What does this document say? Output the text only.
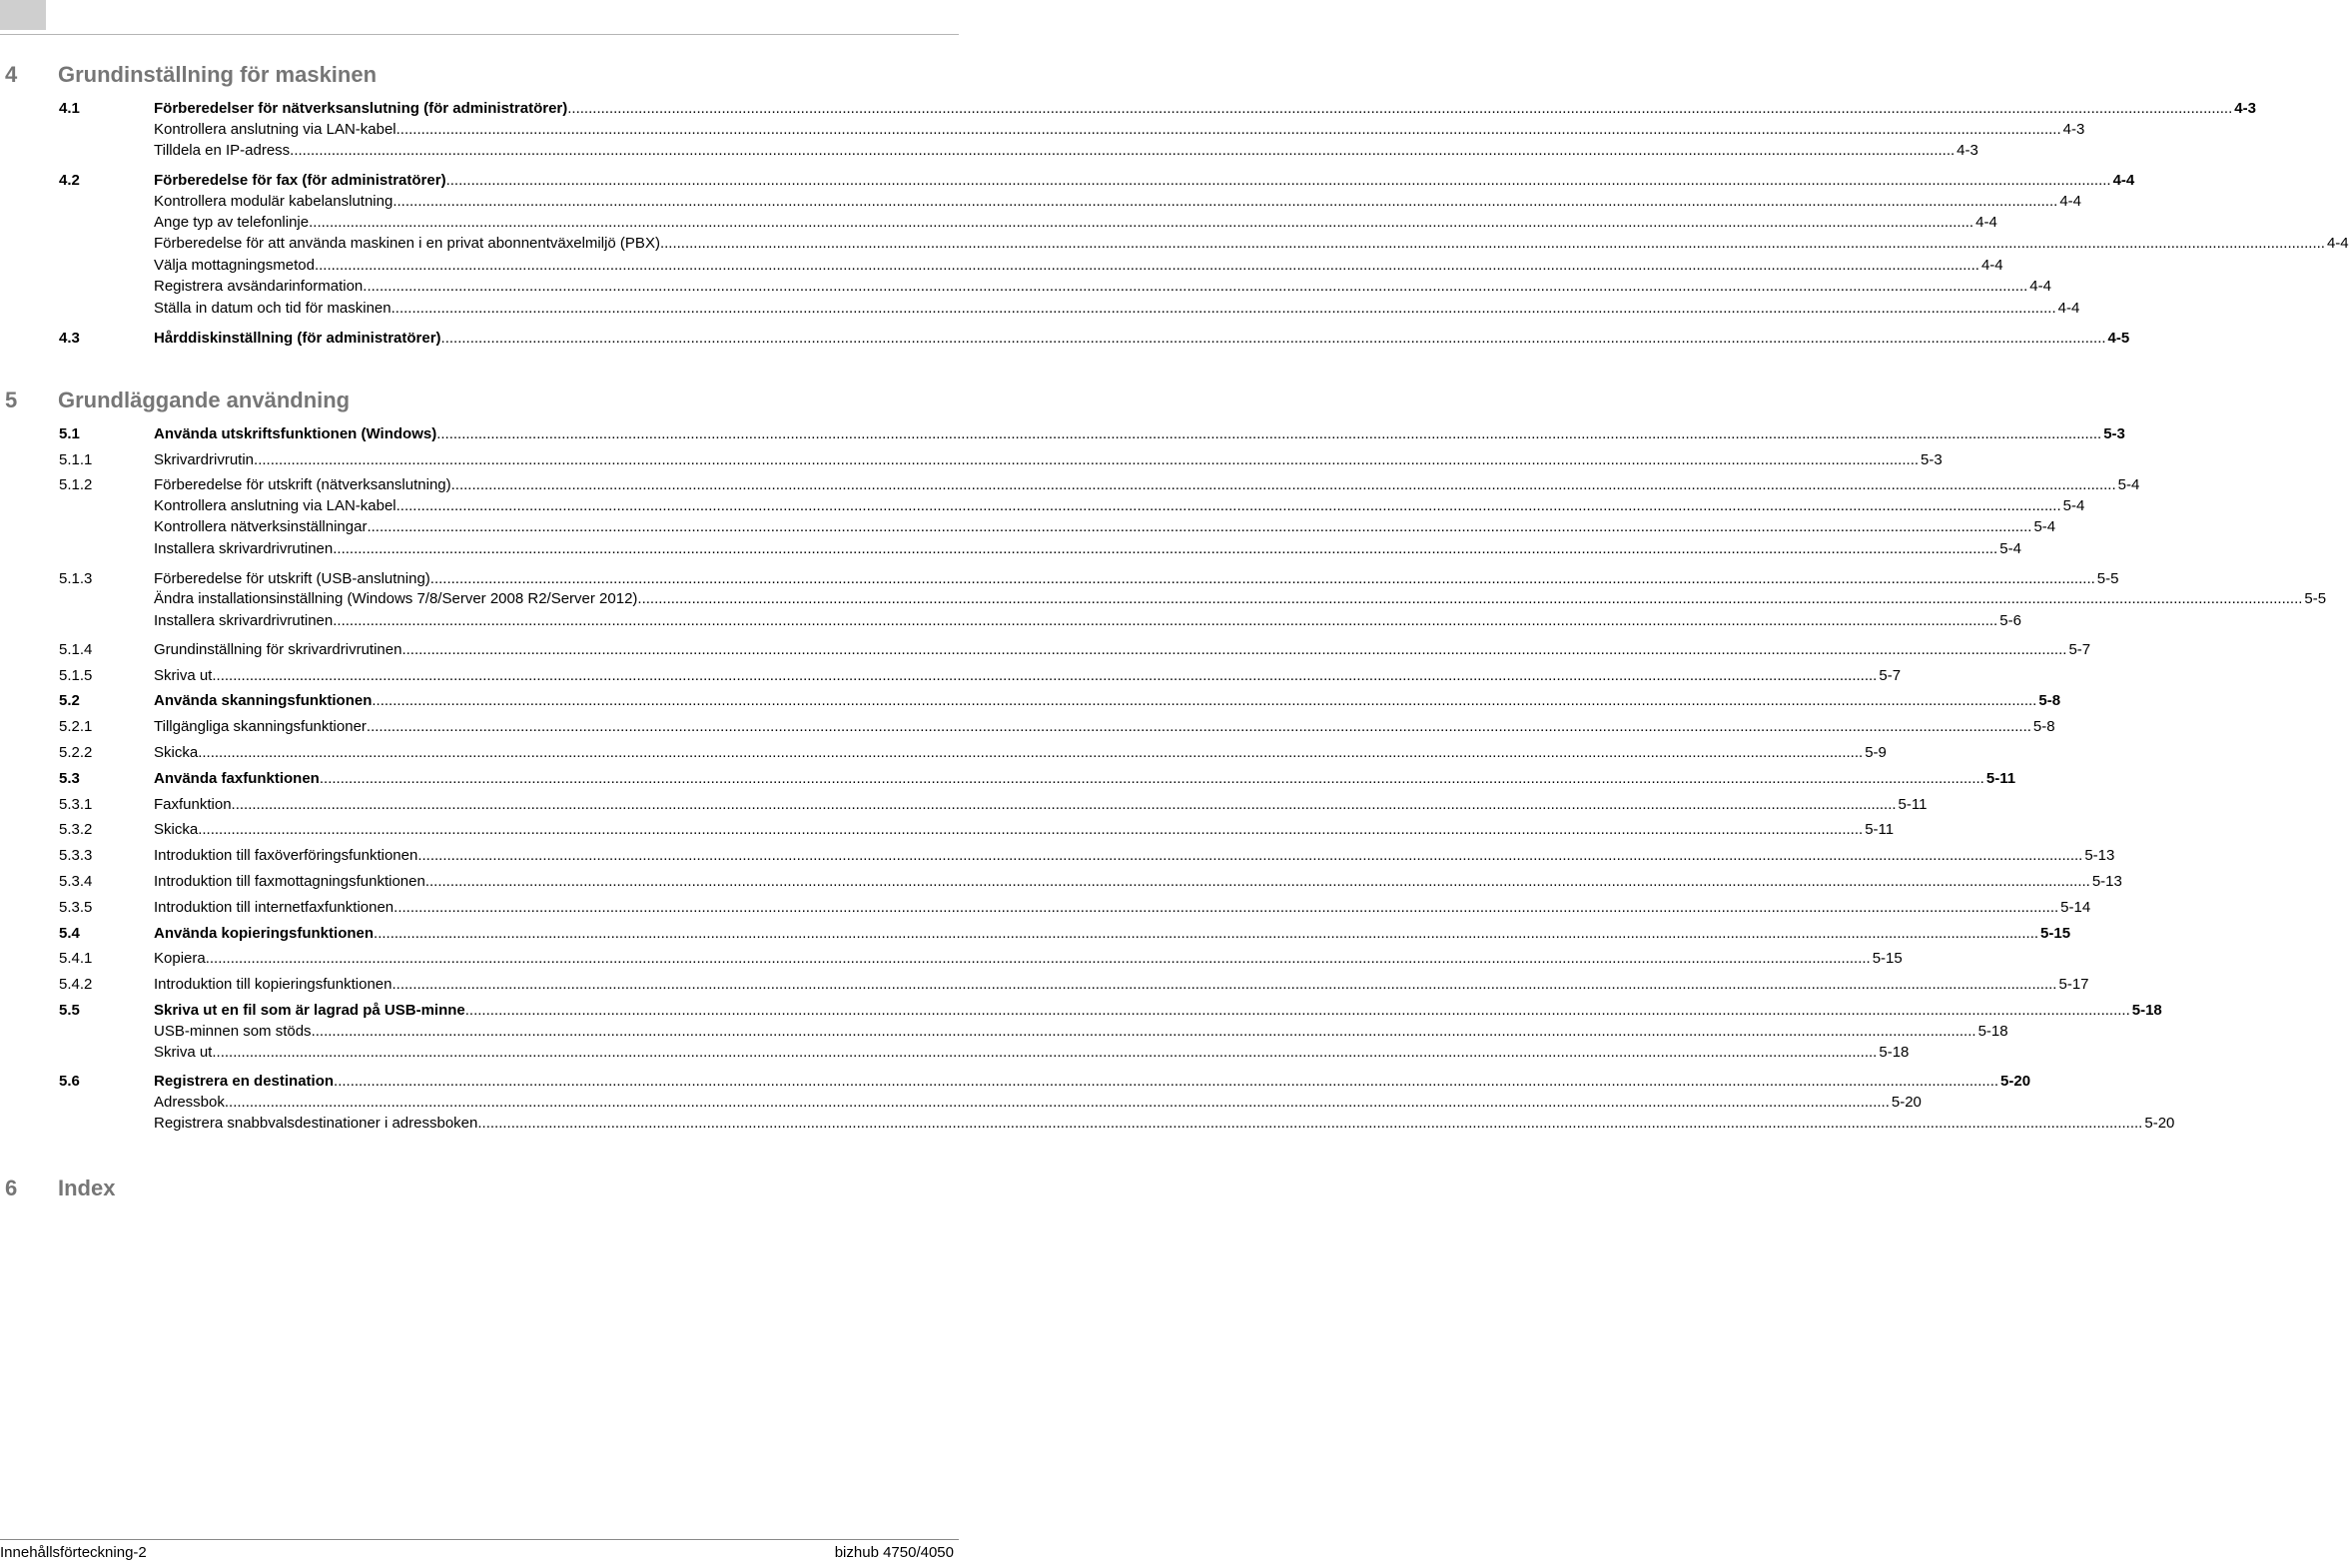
4 Grundinställning för maskinen
4.1	Förberedelser för nätverksanslutning (för administratörer) ................................................................................................................................................................................................................................................................................................................................................................................................................ 4-3
Kontrollera anslutning via LAN-kabel ................................................................................................................................................................................................................................................................................................................................................................................................................ 4-3
Tilldela en IP-adress ................................................................................................................................................................................................................................................................................................................................................................................................................ 4-3
4.2	Förberedelse för fax (för administratörer) ................................................................................................................................................................................................................................................................................................................................................................................................................ 4-4
Kontrollera modulär kabelanslutning ................................................................................................................................................................................................................................................................................................................................................................................................................ 4-4
Ange typ av telefonlinje ................................................................................................................................................................................................................................................................................................................................................................................................................ 4-4
Förberedelse för att använda maskinen i en privat abonnentväxelmiljö (PBX) ................................................................................................................................................................................................................................................................................................................................................................................................................ 4-4
Välja mottagningsmetod ................................................................................................................................................................................................................................................................................................................................................................................................................ 4-4
Registrera avsändarinformation ................................................................................................................................................................................................................................................................................................................................................................................................................ 4-4
Ställa in datum och tid för maskinen ................................................................................................................................................................................................................................................................................................................................................................................................................ 4-4
4.3	Hårddiskinställning (för administratörer) ................................................................................................................................................................................................................................................................................................................................................................................................................ 4-5
5 Grundläggande användning
5.1	Använda utskriftsfunktionen (Windows) ................................................................................................................................................................................................................................................................................................................................................................................................................ 5-3
5.1.1	Skrivardrivrutin ................................................................................................................................................................................................................................................................................................................................................................................................................ 5-3
5.1.2	Förberedelse för utskrift (nätverksanslutning) ................................................................................................................................................................................................................................................................................................................................................................................................................ 5-4
Kontrollera anslutning via LAN-kabel ................................................................................................................................................................................................................................................................................................................................................................................................................ 5-4
Kontrollera nätverksinställningar ................................................................................................................................................................................................................................................................................................................................................................................................................ 5-4
Installera skrivardrivrutinen ................................................................................................................................................................................................................................................................................................................................................................................................................ 5-4
5.1.3	Förberedelse för utskrift (USB-anslutning) ................................................................................................................................................................................................................................................................................................................................................................................................................ 5-5
Ändra installationsinställning (Windows 7/8/Server 2008 R2/Server 2012) ................................................................................................................................................................................................................................................................................................................................................................................................................ 5-5
Installera skrivardrivrutinen ................................................................................................................................................................................................................................................................................................................................................................................................................ 5-6
5.1.4	Grundinställning för skrivardrivrutinen ................................................................................................................................................................................................................................................................................................................................................................................................................ 5-7
5.1.5	Skriva ut ................................................................................................................................................................................................................................................................................................................................................................................................................ 5-7
5.2	Använda skanningsfunktionen ................................................................................................................................................................................................................................................................................................................................................................................................................ 5-8
5.2.1	Tillgängliga skanningsfunktioner ................................................................................................................................................................................................................................................................................................................................................................................................................ 5-8
5.2.2	Skicka ................................................................................................................................................................................................................................................................................................................................................................................................................ 5-9
5.3	Använda faxfunktionen ................................................................................................................................................................................................................................................................................................................................................................................................................ 5-11
5.3.1	Faxfunktion ................................................................................................................................................................................................................................................................................................................................................................................................................ 5-11
5.3.2	Skicka ................................................................................................................................................................................................................................................................................................................................................................................................................ 5-11
5.3.3	Introduktion till faxöverföringsfunktionen ................................................................................................................................................................................................................................................................................................................................................................................................................ 5-13
5.3.4	Introduktion till faxmottagningsfunktionen ................................................................................................................................................................................................................................................................................................................................................................................................................ 5-13
5.3.5	Introduktion till internetfaxfunktionen ................................................................................................................................................................................................................................................................................................................................................................................................................ 5-14
5.4	Använda kopieringsfunktionen ................................................................................................................................................................................................................................................................................................................................................................................................................ 5-15
5.4.1	Kopiera ................................................................................................................................................................................................................................................................................................................................................................................................................ 5-15
5.4.2	Introduktion till kopieringsfunktionen ................................................................................................................................................................................................................................................................................................................................................................................................................ 5-17
5.5	Skriva ut en fil som är lagrad på USB-minne ................................................................................................................................................................................................................................................................................................................................................................................................................ 5-18
USB-minnen som stöds ................................................................................................................................................................................................................................................................................................................................................................................................................ 5-18
Skriva ut ................................................................................................................................................................................................................................................................................................................................................................................................................ 5-18
5.6	Registrera en destination ................................................................................................................................................................................................................................................................................................................................................................................................................ 5-20
Adressbok ................................................................................................................................................................................................................................................................................................................................................................................................................ 5-20
Registrera snabbvalsdestinationer i adressboken ................................................................................................................................................................................................................................................................................................................................................................................................................ 5-20
6 Index
Innehållsförteckning-2	bizhub 4750/4050
